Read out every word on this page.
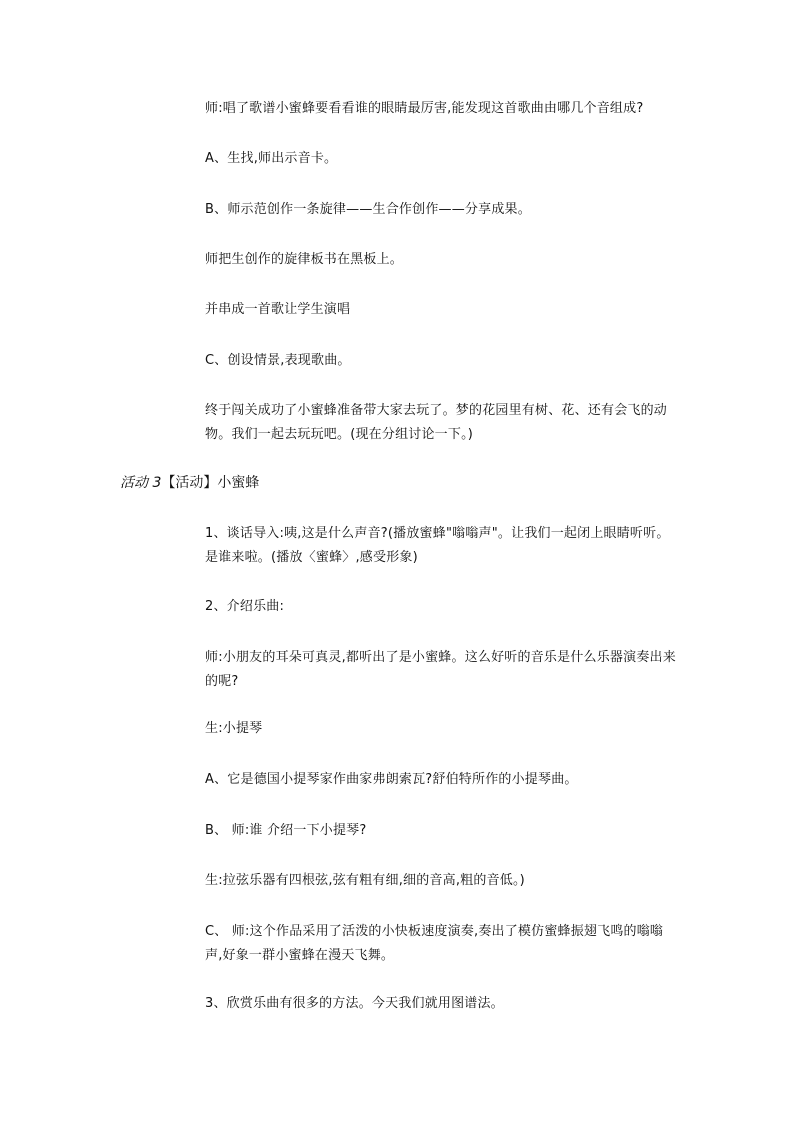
师:唱了歌谱小蜜蜂要看看谁的眼睛最厉害,能发现这首歌曲由哪几个音组成?

A、生找,师出示音卡。

B、师示范创作一条旋律——生合作创作——分享成果。

师把生创作的旋律板书在黑板上。

并串成一首歌让学生演唱

C、创设情景,表现歌曲。

终于闯关成功了小蜜蜂准备带大家去玩了。梦的花园里有树、花、还有会飞的动物。我们一起去玩玩吧。(现在分组讨论一下。)

活动 3【活动】小蜜蜂

1、谈话导入:咦,这是什么声音?(播放蜜蜂"嗡嗡声"。让我们一起闭上眼睛听听。是谁来啦。(播放〈蜜蜂〉,感受形象)

2、介绍乐曲:

师:小朋友的耳朵可真灵,都听出了是小蜜蜂。这么好听的音乐是什么乐器演奏出来的呢?

生:小提琴

A、它是德国小提琴家作曲家弗朗索瓦?舒伯特所作的小提琴曲。

B、 师:谁 介绍一下小提琴?

生:拉弦乐器有四根弦,弦有粗有细,细的音高,粗的音低。)

C、 师:这个作品采用了活泼的小快板速度演奏,奏出了模仿蜜蜂振翅飞鸣的嗡嗡声,好象一群小蜜蜂在漫天飞舞。

3、欣赏乐曲有很多的方法。今天我们就用图谱法。
